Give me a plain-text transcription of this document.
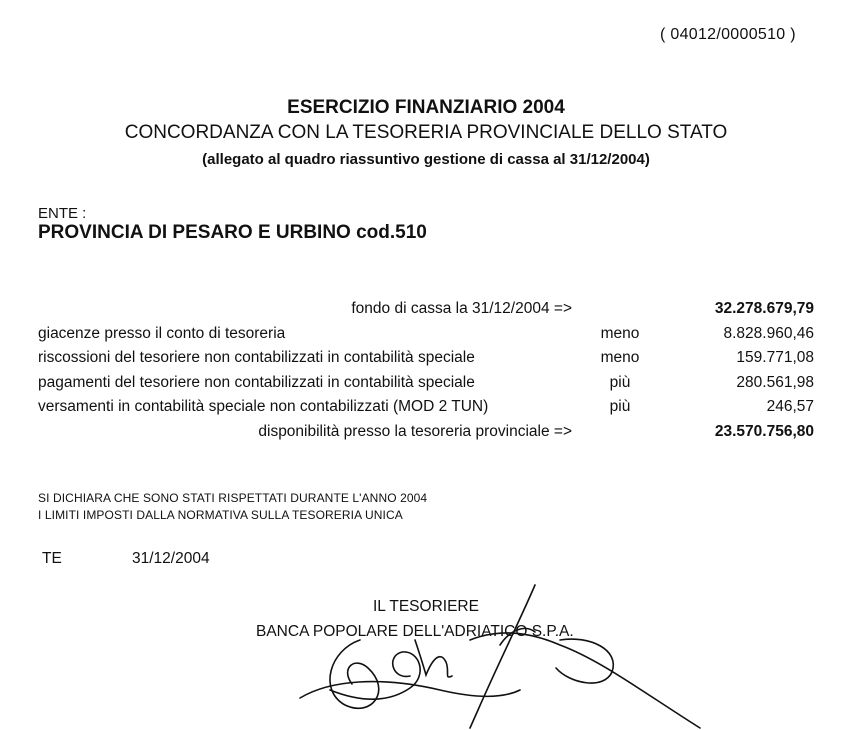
( 04012/0000510 )
ESERCIZIO FINANZIARIO 2004
CONCORDANZA CON LA TESORERIA PROVINCIALE DELLO STATO
(allegato al quadro riassuntivo gestione di cassa al 31/12/2004)
ENTE :
PROVINCIA DI PESARO E URBINO cod.510
fondo di cassa la 31/12/2004 =>	32.278.679,79
giacenze presso il conto di tesoreria	meno	8.828.960,46
riscossioni del tesoriere non contabilizzati in contabilità speciale	meno	159.771,08
pagamenti del tesoriere non contabilizzati in contabilità speciale	più	280.561,98
versamenti in contabilità speciale non contabilizzati (MOD 2 TUN)	più	246,57
disponibilità presso la tesoreria provinciale =>	23.570.756,80
SI DICHIARA CHE SONO STATI RISPETTATI DURANTE L'ANNO 2004
I LIMITI IMPOSTI DALLA NORMATIVA SULLA TESORERIA UNICA
TE	31/12/2004
IL TESORIERE
BANCA POPOLARE DELL'ADRIATICO S.P.A.
